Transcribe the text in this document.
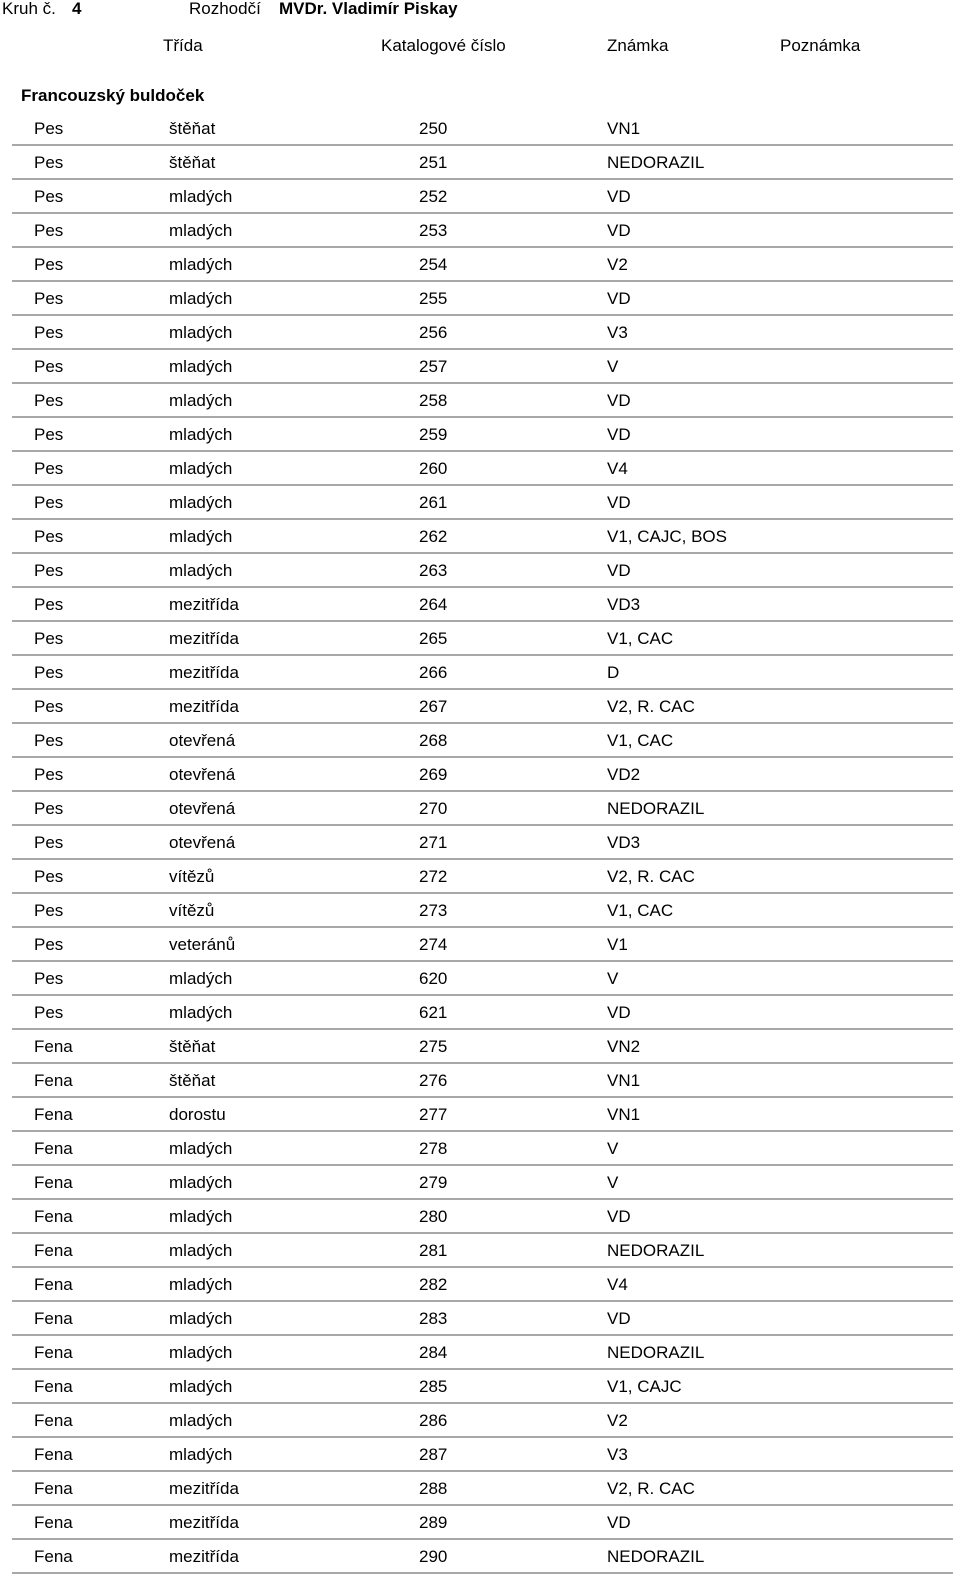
Kruh č. 4	Rozhodčí MVDr. Vladimír Piskay
Třída	Katalogové číslo	Známka	Poznámka
Francouzský buldoček
Pes	štěňat	250	VN1
Pes	štěňat	251	NEDORAZIL
Pes	mladých	252	VD
Pes	mladých	253	VD
Pes	mladých	254	V2
Pes	mladých	255	VD
Pes	mladých	256	V3
Pes	mladých	257	V
Pes	mladých	258	VD
Pes	mladých	259	VD
Pes	mladých	260	V4
Pes	mladých	261	VD
Pes	mladých	262	V1, CAJC, BOS
Pes	mladých	263	VD
Pes	mezitřída	264	VD3
Pes	mezitřída	265	V1, CAC
Pes	mezitřída	266	D
Pes	mezitřída	267	V2, R. CAC
Pes	otevřená	268	V1, CAC
Pes	otevřená	269	VD2
Pes	otevřená	270	NEDORAZIL
Pes	otevřená	271	VD3
Pes	vítězů	272	V2, R. CAC
Pes	vítězů	273	V1, CAC
Pes	veteránů	274	V1
Pes	mladých	620	V
Pes	mladých	621	VD
Fena	štěňat	275	VN2
Fena	štěňat	276	VN1
Fena	dorostu	277	VN1
Fena	mladých	278	V
Fena	mladých	279	V
Fena	mladých	280	VD
Fena	mladých	281	NEDORAZIL
Fena	mladých	282	V4
Fena	mladých	283	VD
Fena	mladých	284	NEDORAZIL
Fena	mladých	285	V1, CAJC
Fena	mladých	286	V2
Fena	mladých	287	V3
Fena	mezitřída	288	V2, R. CAC
Fena	mezitřída	289	VD
Fena	mezitřída	290	NEDORAZIL
